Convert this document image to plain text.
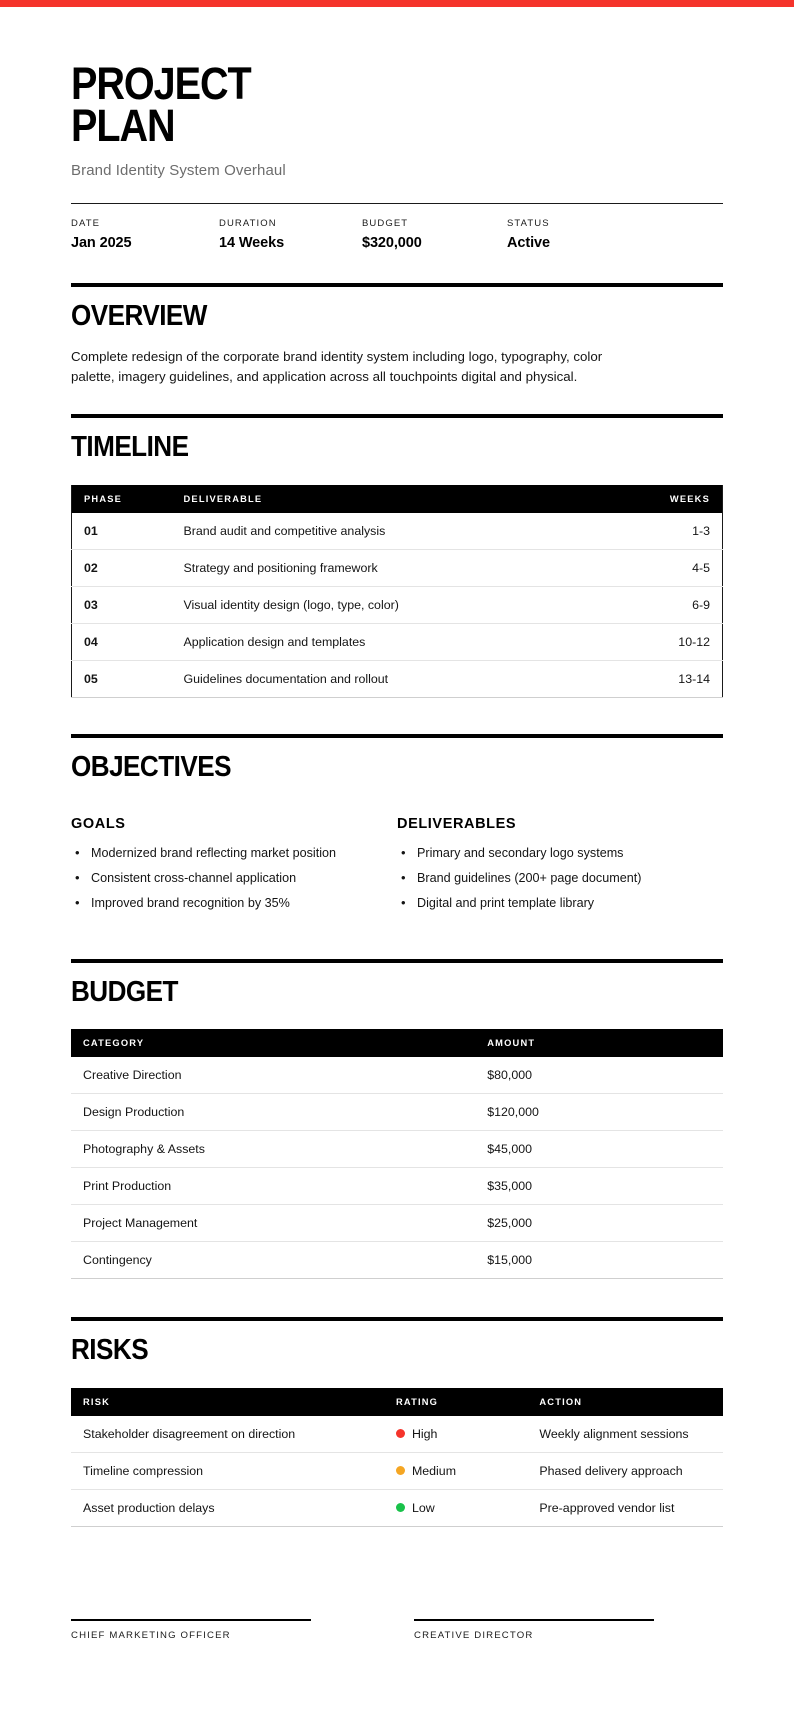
PROJECT
PLAN
Brand Identity System Overhaul
DATE
Jan 2025
DURATION
14 Weeks
BUDGET
$320,000
STATUS
Active
OVERVIEW

Complete redesign of the corporate brand identity system including logo, typography, color palette, imagery guidelines, and application across all touchpoints digital and physical.

TIMELINE
PHASE	DELIVERABLE	WEEKS
01	Brand audit and competitive analysis	1-3
02	Strategy and positioning framework	4-5
03	Visual identity design (logo, type, color)	6-9
04	Application design and templates	10-12
05	Guidelines documentation and rollout	13-14
OBJECTIVES
GOALS
• Modernized brand reflecting market position
• Consistent cross-channel application
• Improved brand recognition by 35%
DELIVERABLES
• Primary and secondary logo systems
• Brand guidelines (200+ page document)
• Digital and print template library
BUDGET
CATEGORY	AMOUNT
Creative Direction	$80,000
Design Production	$120,000
Photography & Assets	$45,000
Print Production	$35,000
Project Management	$25,000
Contingency	$15,000
RISKS
RISK	RATING	ACTION
Stakeholder disagreement on direction	High	Weekly alignment sessions
Timeline compression	Medium	Phased delivery approach
Asset production delays	Low	Pre-approved vendor list
CHIEF MARKETING OFFICER	CREATIVE DIRECTOR
